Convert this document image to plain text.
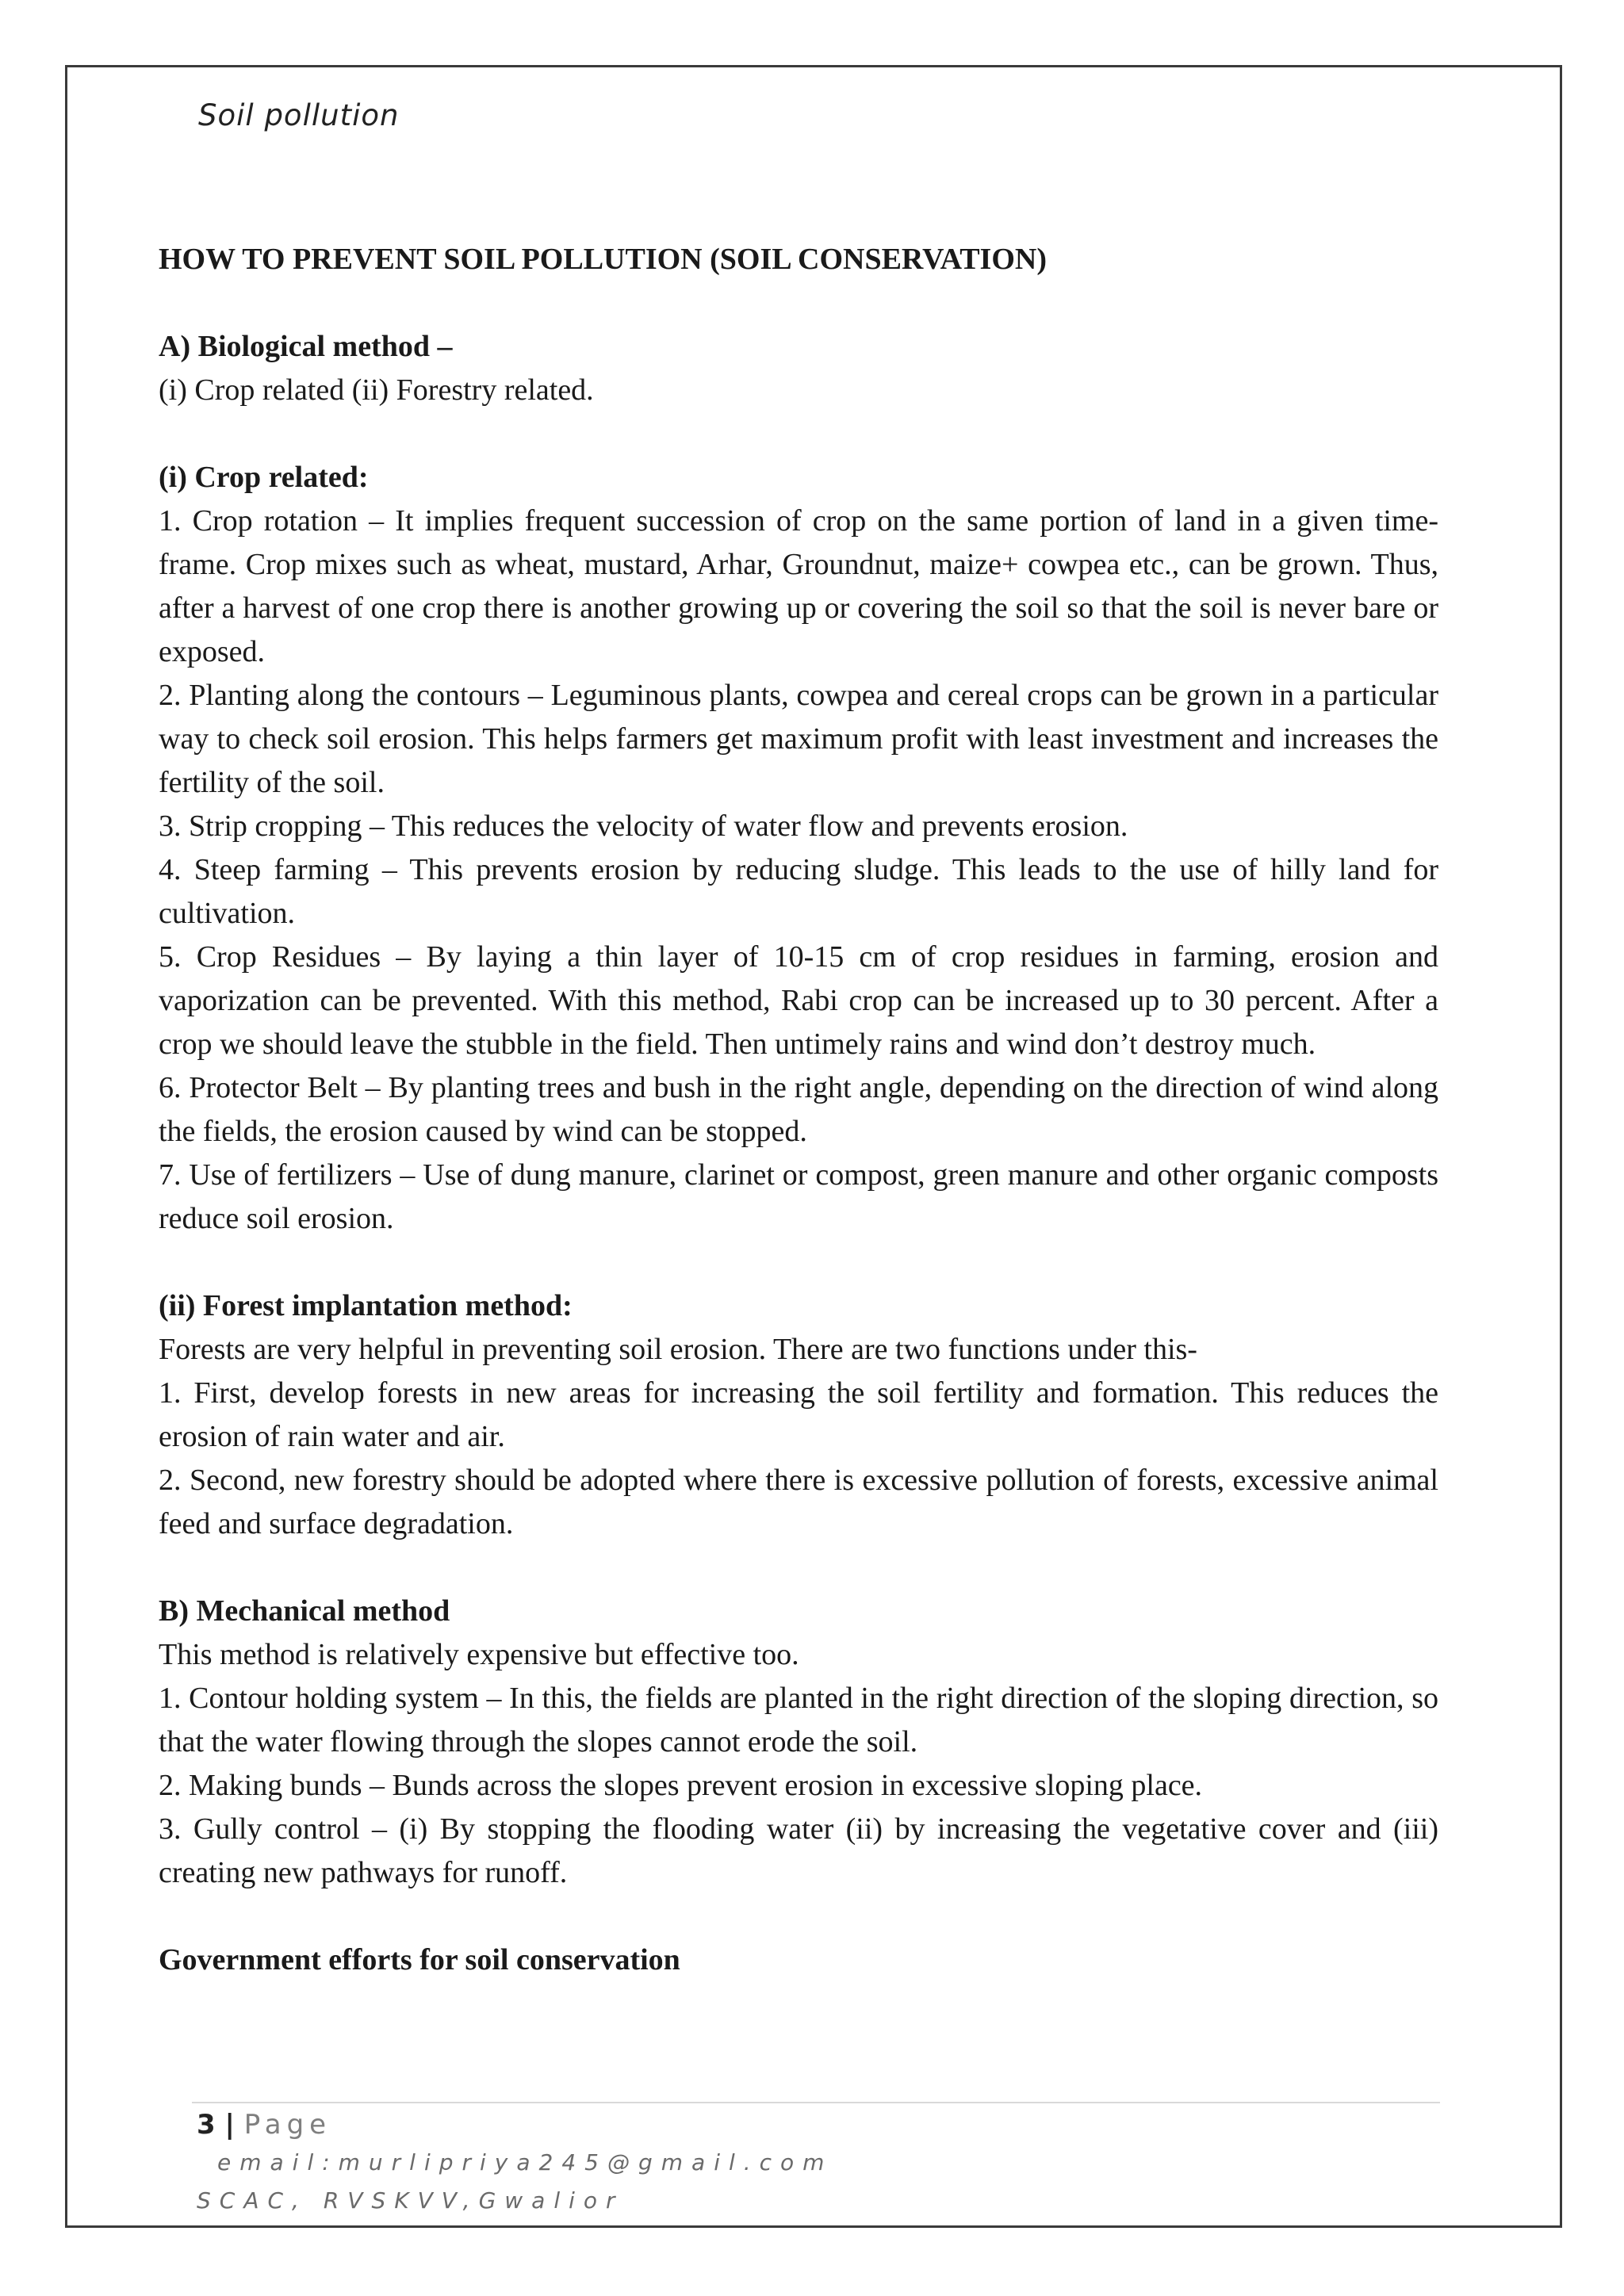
Soil pollution

HOW TO PREVENT SOIL POLLUTION (SOIL CONSERVATION)

A) Biological method –

(i) Crop related (ii) Forestry related.

(i) Crop related:

1. Crop rotation – It implies frequent succession of crop on the same portion of land in a given time-frame. Crop mixes such as wheat, mustard, Arhar, Groundnut, maize+ cowpea etc., can be grown. Thus, after a harvest of one crop there is another growing up or covering the soil so that the soil is never bare or exposed.

2. Planting along the contours – Leguminous plants, cowpea and cereal crops can be grown in a particular way to check soil erosion. This helps farmers get maximum profit with least investment and increases the fertility of the soil.

3. Strip cropping – This reduces the velocity of water flow and prevents erosion.

4. Steep farming – This prevents erosion by reducing sludge. This leads to the use of hilly land for cultivation.

5. Crop Residues – By laying a thin layer of 10-15 cm of crop residues in farming, erosion and vaporization can be prevented. With this method, Rabi crop can be increased up to 30 percent. After a crop we should leave the stubble in the field. Then untimely rains and wind don’t destroy much.

6. Protector Belt – By planting trees and bush in the right angle, depending on the direction of wind along the fields, the erosion caused by wind can be stopped.

7. Use of fertilizers – Use of dung manure, clarinet or compost, green manure and other organic composts reduce soil erosion.

(ii) Forest implantation method:

Forests are very helpful in preventing soil erosion. There are two functions under this-

1. First, develop forests in new areas for increasing the soil fertility and formation. This reduces the erosion of rain water and air.

2. Second, new forestry should be adopted where there is excessive pollution of forests, excessive animal feed and surface degradation.

B) Mechanical method

This method is relatively expensive but effective too.

1. Contour holding system – In this, the fields are planted in the right direction of the sloping direction, so that the water flowing through the slopes cannot erode the soil.

2. Making bunds – Bunds across the slopes prevent erosion in excessive sloping place.

3. Gully control – (i) By stopping the flooding water (ii) by increasing the vegetative cover and (iii) creating new pathways for runoff.

Government efforts for soil conservation

3 | Page
email:murlipriya245@gmail.com
SCAC, RVSKVV,Gwalior
